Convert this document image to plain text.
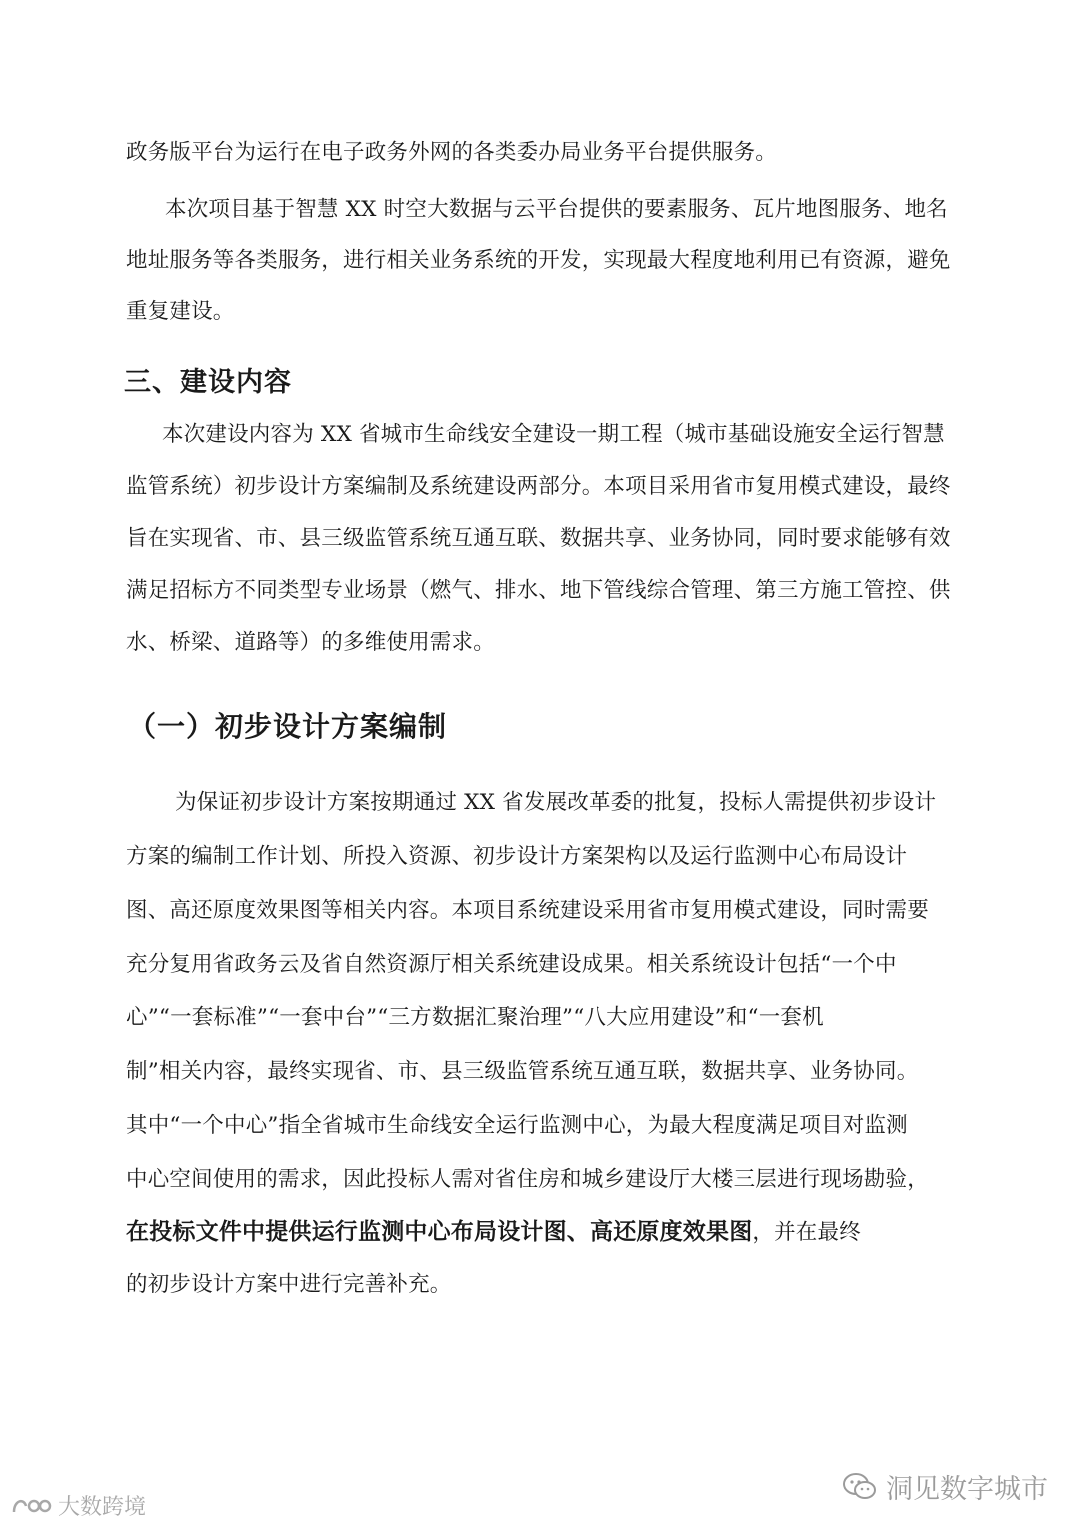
政务版平台为运行在电子政务外网的各类委办局业务平台提供服务。
本次项目基于智慧 XX 时空大数据与云平台提供的要素服务、瓦片地图服务、地名
地址服务等各类服务，进行相关业务系统的开发，实现最大程度地利用已有资源，避免
重复建设。
三、建设内容
本次建设内容为 XX 省城市生命线安全建设一期工程（城市基础设施安全运行智慧
监管系统）初步设计方案编制及系统建设两部分。本项目采用省市复用模式建设，最终
旨在实现省、市、县三级监管系统互通互联、数据共享、业务协同，同时要求能够有效
满足招标方不同类型专业场景（燃气、排水、地下管线综合管理、第三方施工管控、供
水、桥梁、道路等）的多维使用需求。
（一）初步设计方案编制
为保证初步设计方案按期通过 XX 省发展改革委的批复，投标人需提供初步设计
方案的编制工作计划、所投入资源、初步设计方案架构以及运行监测中心布局设计
图、高还原度效果图等相关内容。本项目系统建设采用省市复用模式建设，同时需要
充分复用省政务云及省自然资源厅相关系统建设成果。相关系统设计包括“一个中
心”“一套标准”“一套中台”“三方数据汇聚治理”“八大应用建设”和“一套机
制”相关内容，最终实现省、市、县三级监管系统互通互联，数据共享、业务协同。
其中“一个中心”指全省城市生命线安全运行监测中心，为最大程度满足项目对监测
中心空间使用的需求，因此投标人需对省住房和城乡建设厅大楼三层进行现场勘验，
在投标文件中提供运行监测中心布局设计图、高还原度效果图，并在最终
的初步设计方案中进行完善补充。
洞见数字城市
大数跨境
